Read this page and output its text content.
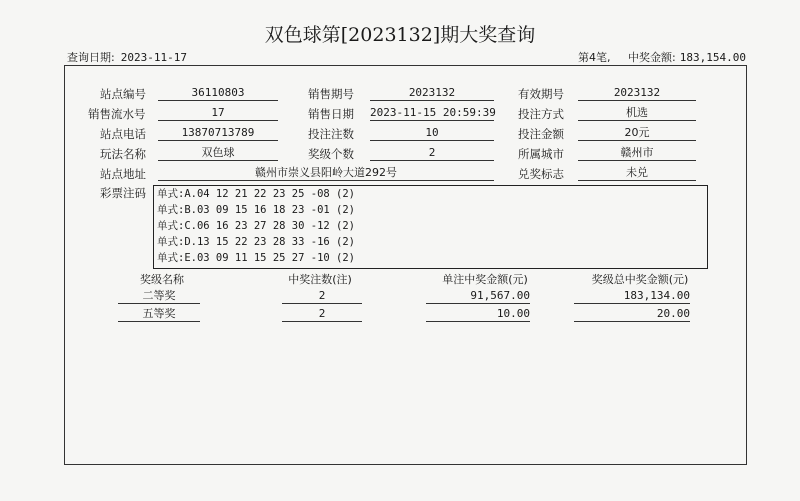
双色球第[2023132]期大奖查询
查询日期: 2023-11-17	第4笔, 中奖金额: 183,154.00
站点编号	36110803	销售期号	2023132	有效期号	2023132
销售流水号	17	销售日期 2023-11-15 20:59:39 投注方式	机选
站点电话	13870713789	投注注数	10	投注金额	20元
玩法名称	双色球	奖级个数	2	所属城市	赣州市
站点地址	赣州市崇义县阳岭大道292号	兑奖标志	未兑
彩票注码 单式:A.04 12 21 22 23 25 -08 (2)
单式:B.03 09 15 16 18 23 -01 (2)
单式:C.06 16 23 27 28 30 -12 (2)
单式:D.13 15 22 23 28 33 -16 (2)
单式:E.03 09 11 15 25 27 -10 (2)
奖级名称	中奖注数(注)	单注中奖金额(元)	奖级总中奖金额(元)
二等奖	2	91,567.00	183,134.00
五等奖	2	10.00	20.00
